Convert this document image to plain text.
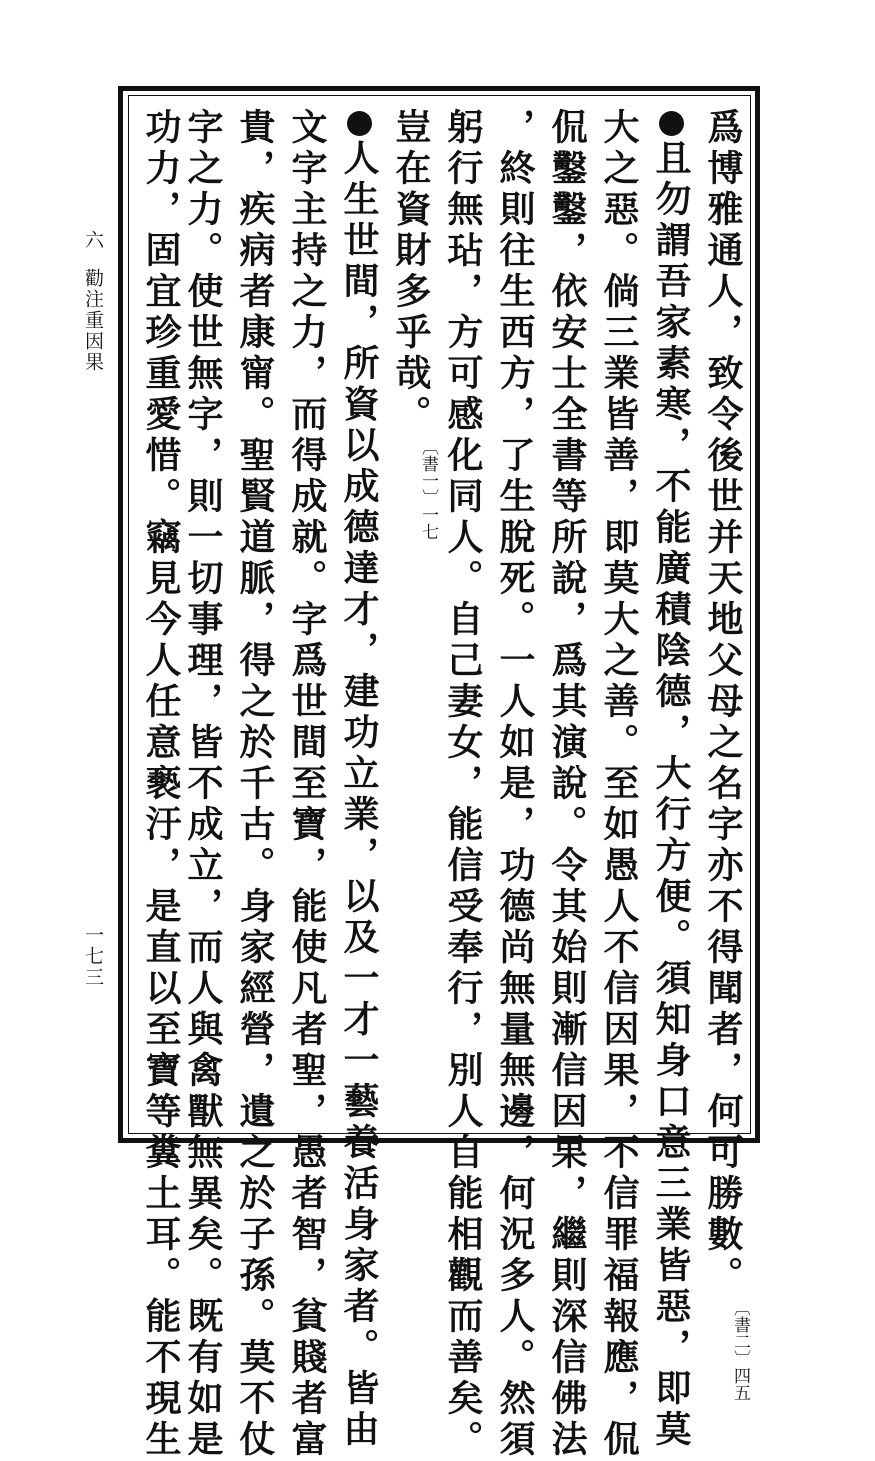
爲博雅通人，致令後世并天地父母之名字亦不得聞者，何可勝數。〔書二〕四五
且勿謂吾家素寒，不能廣積陰德，大行方便。須知身口意三業皆惡，即莫
大之惡。倘三業皆善，即莫大之善。至如愚人不信因果，不信罪福報應，侃
侃鑿鑿，依安士全書等所說，爲其演說。令其始則漸信因果，繼則深信佛法
，終則往生西方，了生脫死。一人如是，功德尚無量無邊，何況多人。然須
躬行無玷，方可感化同人。自己妻女，能信受奉行，別人自能相觀而善矣。
豈在資財多乎哉。〔書一〕一七
人生世間，所資以成德達才，建功立業，以及一才一藝養活身家者。皆由
文字主持之力，而得成就。字爲世間至寶，能使凡者聖，愚者智，貧賤者富
貴，疾病者康甯。聖賢道脈，得之於千古。身家經營，遺之於子孫。莫不仗
字之力。使世無字，則一切事理，皆不成立，而人與禽獸無異矣。既有如是
功力，固宜珍重愛惜。竊見今人任意褻汙，是直以至寶等糞土耳。能不現生
六
勸注重因果
一七三
